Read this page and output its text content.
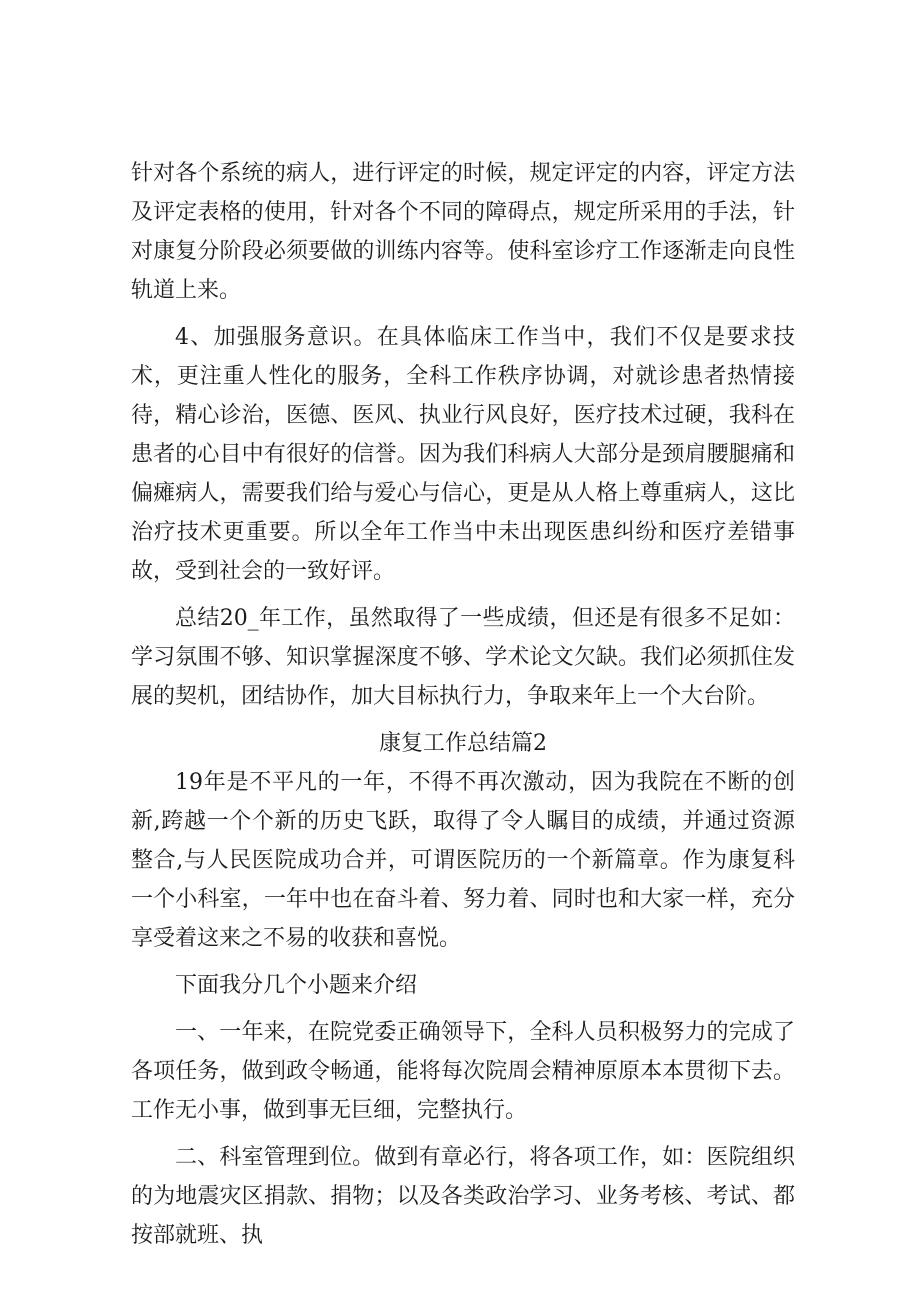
针对各个系统的病人，进行评定的时候，规定评定的内容，评定方法及评定表格的使用，针对各个不同的障碍点，规定所采用的手法，针对康复分阶段必须要做的训练内容等。使科室诊疗工作逐渐走向良性轨道上来。

4、加强服务意识。在具体临床工作当中，我们不仅是要求技术，更注重人性化的服务，全科工作秩序协调，对就诊患者热情接待，精心诊治，医德、医风、执业行风良好，医疗技术过硬，我科在患者的心目中有很好的信誉。因为我们科病人大部分是颈肩腰腿痛和偏瘫病人，需要我们给与爱心与信心，更是从人格上尊重病人，这比治疗技术更重要。所以全年工作当中未出现医患纠纷和医疗差错事故，受到社会的一致好评。

总结20_年工作，虽然取得了一些成绩，但还是有很多不足如：学习氛围不够、知识掌握深度不够、学术论文欠缺。我们必须抓住发展的契机，团结协作，加大目标执行力，争取来年上一个大台阶。

康复工作总结篇2

19年是不平凡的一年，不得不再次激动，因为我院在不断的创新,跨越一个个新的历史飞跃，取得了令人瞩目的成绩，并通过资源整合,与人民医院成功合并，可谓医院历的一个新篇章。作为康复科一个小科室，一年中也在奋斗着、努力着、同时也和大家一样，充分享受着这来之不易的收获和喜悦。

下面我分几个小题来介绍

一、一年来，在院党委正确领导下，全科人员积极努力的完成了各项任务，做到政令畅通，能将每次院周会精神原原本本贯彻下去。工作无小事，做到事无巨细，完整执行。

二、科室管理到位。做到有章必行，将各项工作，如：医院组织的为地震灾区捐款、捐物；以及各类政治学习、业务考核、考试、都按部就班、执
